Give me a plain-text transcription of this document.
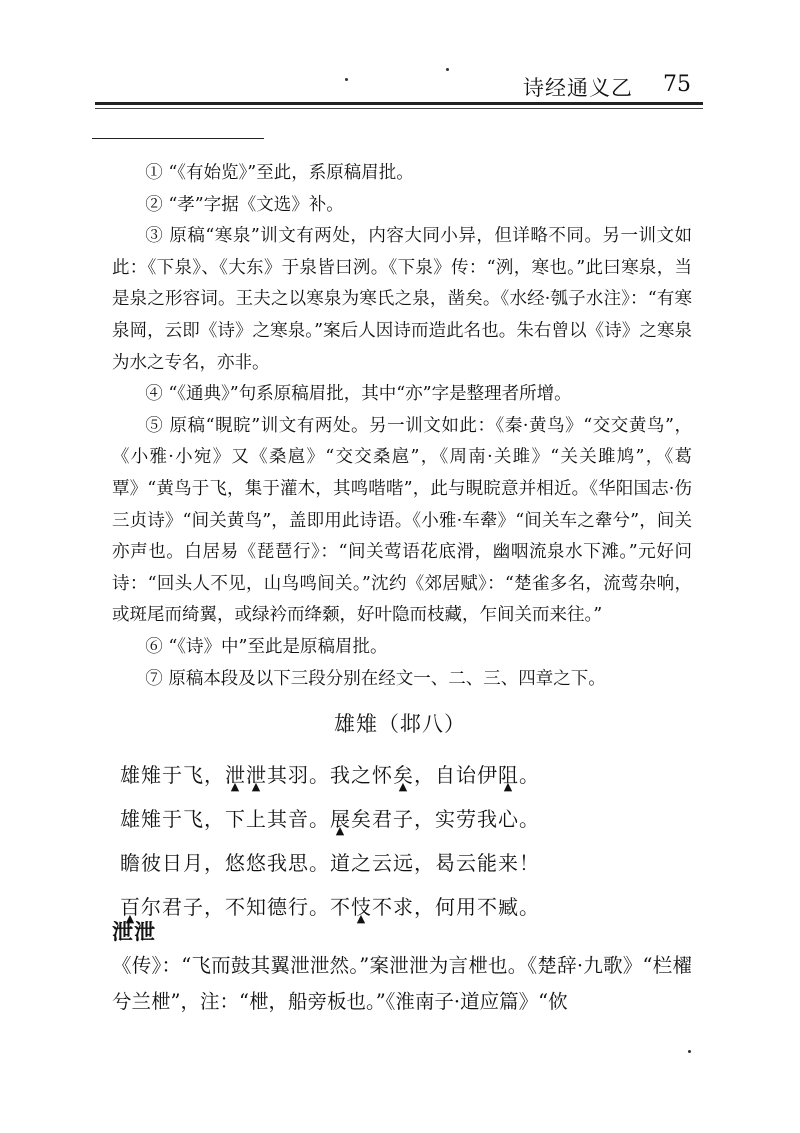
诗经通义乙 75

① “《有始览》”至此，系原稿眉批。

② “孝”字据《文选》补。

③ 原稿“寒泉”训文有两处，内容大同小异，但详略不同。另一训文如此：《下泉》、《大东》于泉皆曰洌。《下泉》传：“洌，寒也。”此曰寒泉，当是泉之形容词。王夫之以寒泉为寒氏之泉，凿矣。《水经·瓠子水注》：“有寒泉岡，云即《诗》之寒泉。”案后人因诗而造此名也。朱右曾以《诗》之寒泉为水之专名，亦非。

④ “《通典》”句系原稿眉批，其中“亦”字是整理者所增。

⑤ 原稿“睍睆”训文有两处。另一训文如此：《秦·黄鸟》“交交黄鸟”，《小雅·小宛》又《桑扈》“交交桑扈”，《周南·关雎》“关关雎鸠”，《葛覃》“黄鸟于飞，集于灌木，其鸣喈喈”，此与睍睆意并相近。《华阳国志·伤三贞诗》“间关黄鸟”，盖即用此诗语。《小雅·车舝》“间关车之舝兮”，间关亦声也。白居易《琵琶行》：“间关莺语花底滑，幽咽流泉水下滩。”元好问诗：“回头人不见，山鸟鸣间关。”沈约《郊居赋》：“楚雀多名，流莺杂响，或斑尾而绮翼，或绿衿而绛颡，好叶隐而枝藏，乍间关而来往。”

⑥ “《诗》中”至此是原稿眉批。

⑦ 原稿本段及以下三段分别在经文一、二、三、四章之下。

雄雉（邶八）
雄雉于飞，泄 ▲泄 ▲其羽。我之怀矣 ▲，自诒伊阻 ▲。
雄雉于飞，下上其音。展 ▲矣君子，实劳我心。
瞻彼日月，悠悠我思。道之云远，曷云能来！
百 ▲尔君子，不知德行。不忮 ▲不求，何用不臧。
泄泄
《传》：“飞而鼓其翼泄泄然。”案泄泄为言枻也。《楚辞·九歌》“栏櫂兮兰枻”，注：“枻，船旁板也。”《淮南子·道应篇》“佽
